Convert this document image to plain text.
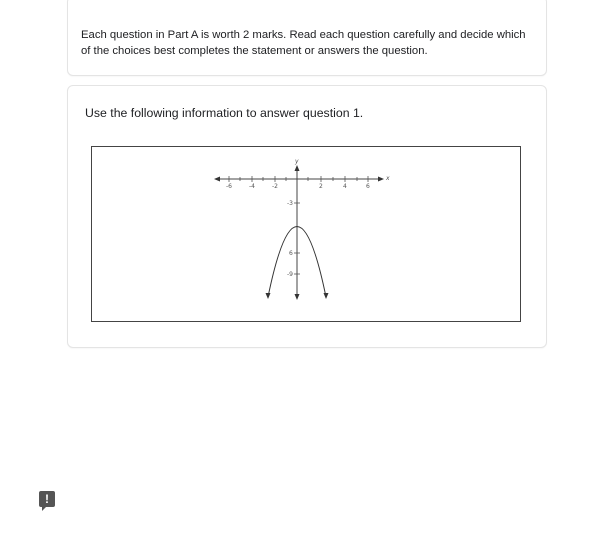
Each question in Part A is worth 2 marks. Read each question carefully and decide which of the choices best completes the statement or answers the question.

Use the following information to answer question 1.

-6	-4	-2	2	4	6
-3
6
-9
y
x
!
